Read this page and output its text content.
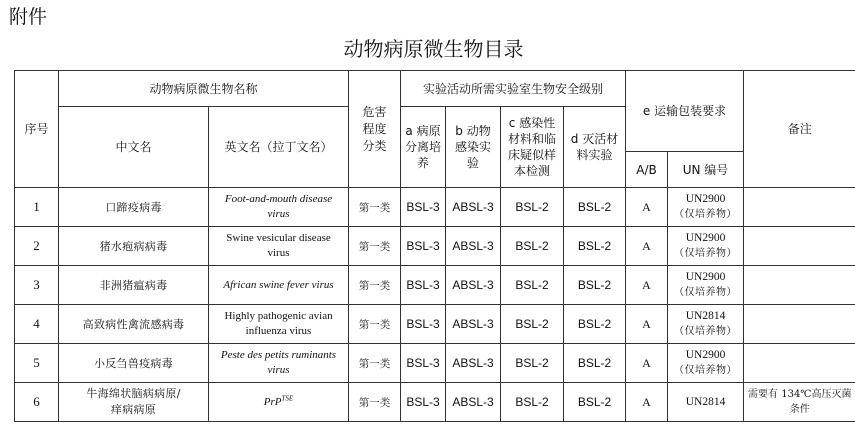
附件
动物病原微生物目录
序号	动物病原微生物名称		危害程度分类	实验活动所需实验室生物安全级别				e 运输包装要求		备注
	中文名	英文名（拉丁文名）		a 病原分离培养	b 动物感染实验	c 感染性材料和临床疑似样本检测	d 灭活材料实验			

								A/B	UN 编号	
1	口蹄疫病毒	Foot-and-mouth disease
virus	第一类	BSL-3	ABSL-3	BSL-2	BSL-2	A	UN2900
（仅培养物）	
2	猪水疱病病毒	Swine vesicular disease
virus	第一类	BSL-3	ABSL-3	BSL-2	BSL-2	A	UN2900
（仅培养物）	
3	非洲猪瘟病毒	African swine fever virus	第一类	BSL-3	ABSL-3	BSL-2	BSL-2	A	UN2900
（仅培养物）	
4	高致病性禽流感病毒	Highly pathogenic avian
influenza virus	第一类	BSL-3	ABSL-3	BSL-2	BSL-2	A	UN2814
（仅培养物）	
5	小反刍兽疫病毒	Peste des petits ruminants
virus	第一类	BSL-3	ABSL-3	BSL-2	BSL-2	A	UN2900
（仅培养物）	
6	牛海绵状脑病病原/
痒病病原	PrP$^{TSE}$	第一类	BSL-3	ABSL-3	BSL-2	BSL-2	A	UN2814	需要有 134℃高压灭菌
条件
